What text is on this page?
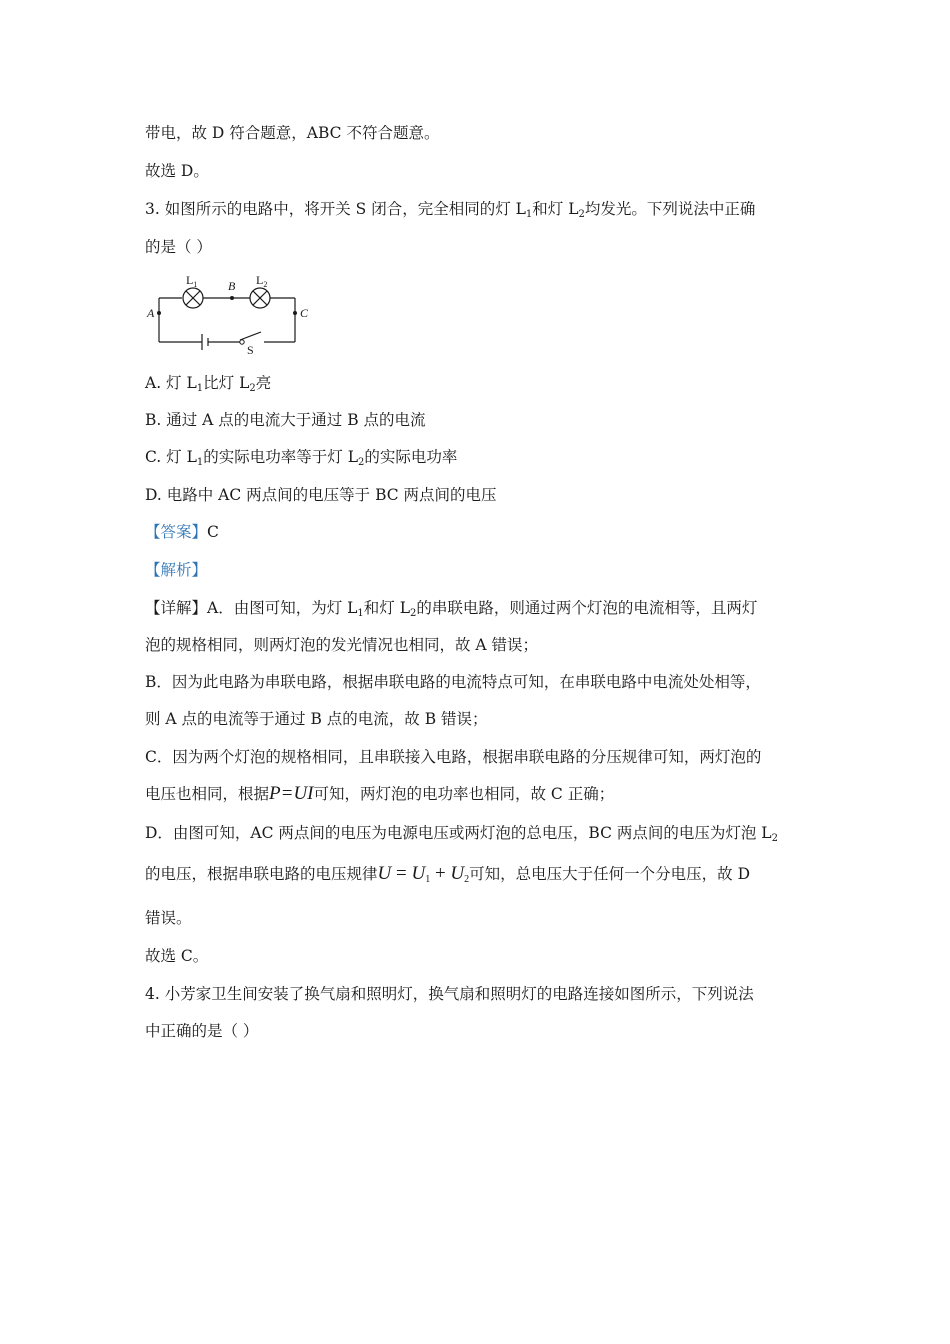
带电，故 D 符合题意，ABC 不符合题意。
故选 D。
3. 如图所示的电路中，将开关 S 闭合，完全相同的灯 $L_1$和灯 $L_2$均发光。下列说法中正确
的是（ ）
$L_1$	$L_2$
A
B
C
S
A. 灯 $L_1$比灯 $L_2$亮
B. 通过 A 点的电流大于通过 B 点的电流
C. 灯 $L_1$的实际电功率等于灯 $L_2$的实际电功率
D. 电路中 AC 两点间的电压等于 BC 两点间的电压
【答案】C
【解析】
【详解】A．由图可知，为灯 $L_1$和灯 $L_2$的串联电路，则通过两个灯泡的电流相等，且两灯
泡的规格相同，则两灯泡的发光情况也相同，故 A 错误；
B．因为此电路为串联电路，根据串联电路的电流特点可知，在串联电路中电流处处相等，
则 A 点的电流等于通过 B 点的电流，故 B 错误；
C．因为两个灯泡的规格相同，且串联接入电路，根据串联电路的分压规律可知，两灯泡的
电压也相同，根据P=UI可知，两灯泡的电功率也相同，故 C 正确；
D．由图可知，AC 两点间的电压为电源电压或两灯泡的总电压，BC 两点间的电压为灯泡 $L_2$
的电压，根据串联电路的电压规律$U = U_1 + U_2$可知，总电压大于任何一个分电压，故 D
错误。
故选 C。
4. 小芳家卫生间安装了换气扇和照明灯，换气扇和照明灯的电路连接如图所示，下列说法
中正确的是（ ）
